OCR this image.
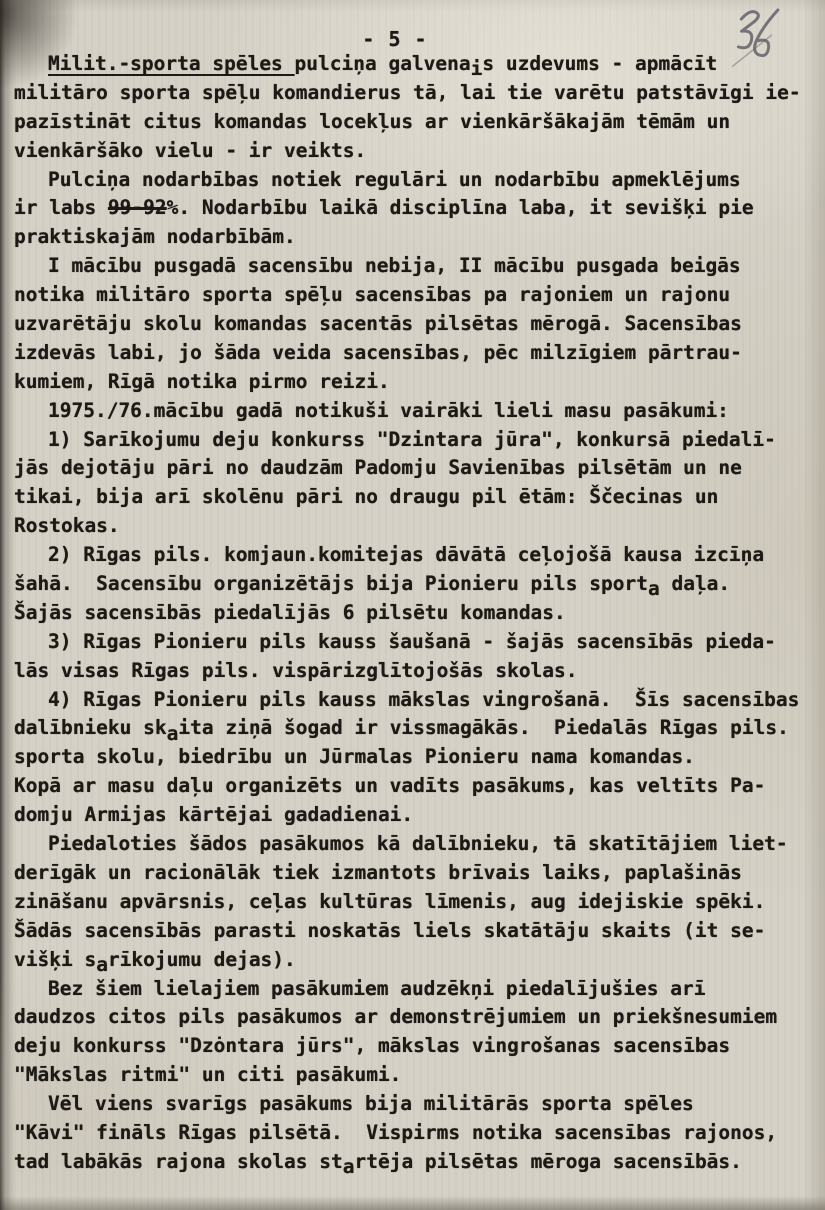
- 5 -
Milit.-sporta spēles pulciņa galvenais uzdevums - apmācīt
militāro sporta spēļu komandierus tā, lai tie varētu patstāvīgi ie-
pazīstināt citus komandas locekļus ar vienkāršākajām tēmām un
vienkāršāko vielu - ir veikts.
Pulciņa nodarbības notiek regulāri un nodarbību apmeklējums
ir labs 99-92%. Nodarbību laikā disciplīna laba, it sevišķi pie
praktiskajām nodarbībām.
I mācību pusgadā sacensību nebija, II mācību pusgada beigās
notika militāro sporta spēļu sacensības pa rajoniem un rajonu
uzvarētāju skolu komandas sacentās pilsētas mērogā. Sacensības
izdevās labi, jo šāda veida sacensības, pēc milzīgiem pārtrau-
kumiem, Rīgā notika pirmo reizi.
1975./76.mācību gadā notikuši vairāki lieli masu pasākumi:
1) Sarīkojumu deju konkurss "Dzintara jūra", konkursā piedalī-
jās dejotāju pāri no daudzām Padomju Savienības pilsētām un ne
tikai, bija arī skolēnu pāri no draugu pil ētām: Ščecinas un
Rostokas.
2) Rīgas pils. komjaun.komitejas dāvātā ceļojošā kausa izcīņa
šahā.  Sacensību organizētājs bija Pionieru pils sporta daļa.
Šajās sacensībās piedalījās 6 pilsētu komandas.
3) Rīgas Pionieru pils kauss šaušanā - šajās sacensībās pieda-
lās visas Rīgas pils. vispārizglītojošās skolas.
4) Rīgas Pionieru pils kauss mākslas vingrošanā.  Šīs sacensības
dalībnieku skaita ziņā šogad ir vissmagākās.  Piedalās Rīgas pils.
sporta skolu, biedrību un Jūrmalas Pionieru nama komandas.
Kopā ar masu daļu organizēts un vadīts pasākums, kas veltīts Pa-
domju Armijas kārtējai gadadienai.
Piedaloties šādos pasākumos kā dalībnieku, tā skatītājiem liet-
derīgāk un racionālāk tiek izmantots brīvais laiks, paplašinās
zināšanu apvārsnis, ceļas kultūras līmenis, aug idejiskie spēki.
Šādās sacensībās parasti noskatās liels skatātāju skaits (it se-
višķi sarīkojumu dejas).
Bez šiem lielajiem pasākumiem audzēkņi piedalījušies arī
daudzos citos pils pasākumos ar demonstrējumiem un priekšnesumiem
deju konkurss "Dzȯntara jūrs", mākslas vingrošanas sacensības
"Mākslas ritmi" un citi pasākumi.
Vēl viens svarīgs pasākums bija militārās sporta spēles
"Kāvi" fināls Rīgas pilsētā.  Vispirms notika sacensības rajonos,
tad labākās rajona skolas startēja pilsētas mēroga sacensībās.
